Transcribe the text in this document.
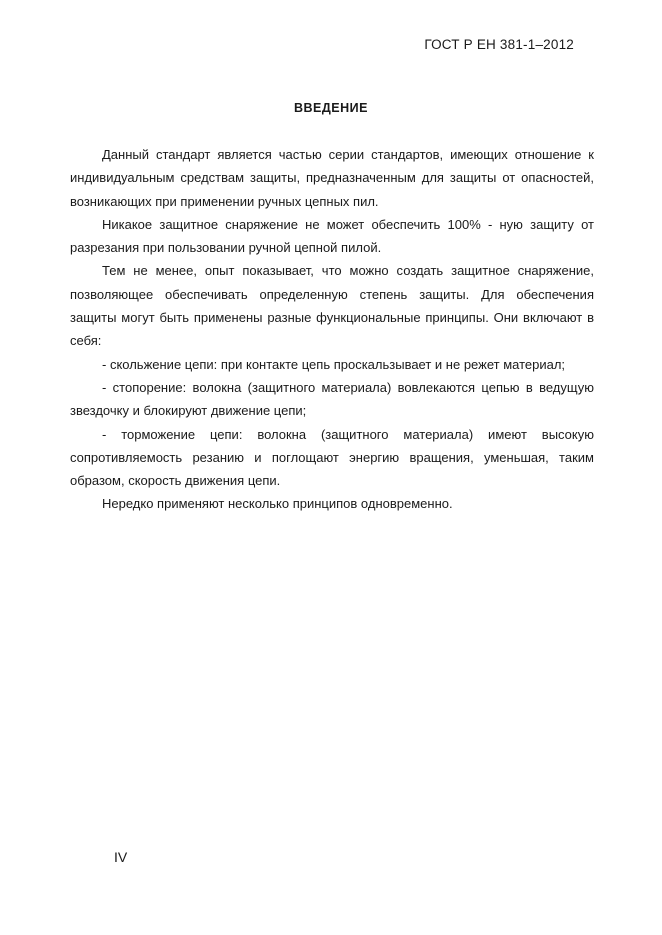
ГОСТ Р ЕН 381-1–2012
ВВЕДЕНИЕ

Данный стандарт является частью серии стандартов, имеющих отношение к индивидуальным средствам защиты, предназначенным для защиты от опасностей, возникающих при применении ручных цепных пил.

Никакое защитное снаряжение не может обеспечить 100% - ную защиту от разрезания при пользовании ручной цепной пилой.

Тем не менее, опыт показывает, что можно создать защитное снаряжение, позволяющее обеспечивать определенную степень защиты. Для обеспечения защиты могут быть применены разные функциональные принципы. Они включают в себя:

- скольжение цепи: при контакте цепь проскальзывает и не режет материал;

- стопорение: волокна (защитного материала) вовлекаются цепью в ведущую звездочку и блокируют движение цепи;

- торможение цепи: волокна (защитного материала) имеют высокую сопротивляемость резанию и поглощают энергию вращения, уменьшая, таким образом, скорость движения цепи.

Нередко применяют несколько принципов одновременно.

IV
